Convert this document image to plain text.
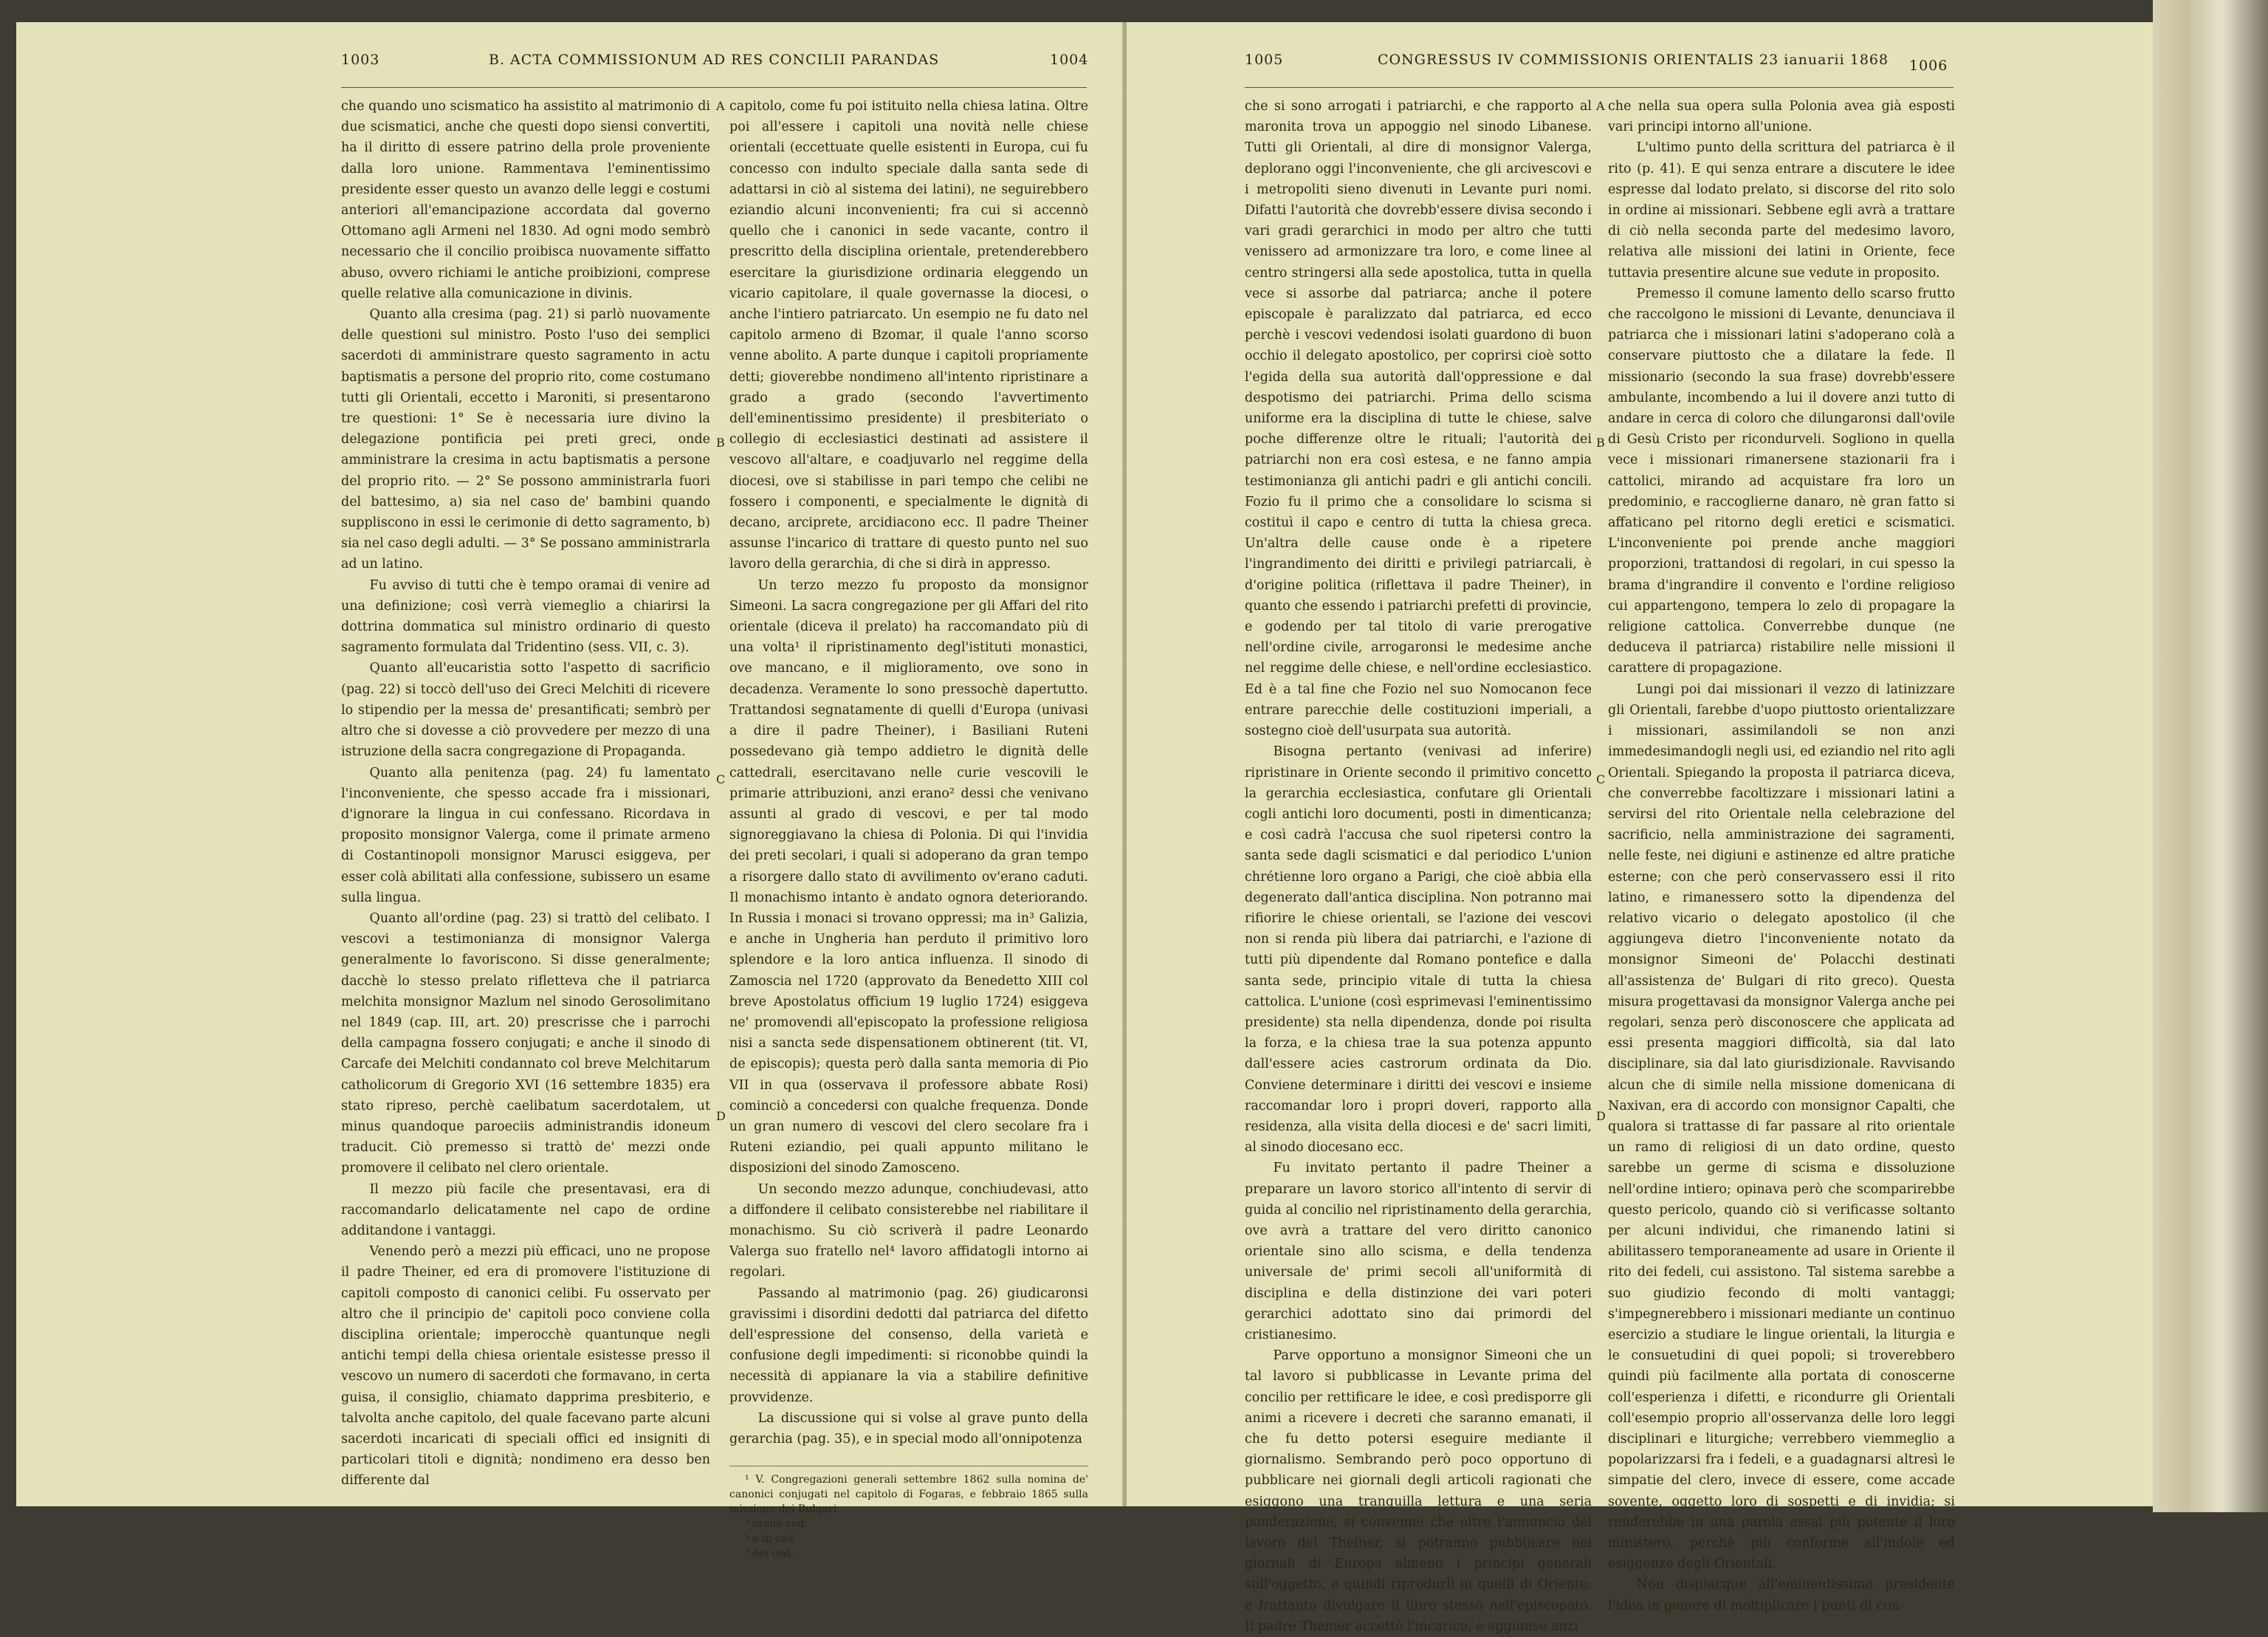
1003	B. ACTA COMMISSIONUM AD RES CONCILII PARANDAS	1004

che quando uno scismatico ha assistito al matrimonio di due scismatici, anche che questi dopo siensi convertiti, ha il diritto di essere patrino della prole proveniente dalla loro unione. Rammentava l'eminentissimo presidente esser questo un avanzo delle leggi e costumi anteriori all'emancipazione accordata dal governo Ottomano agli Armeni nel 1830. Ad ogni modo sembrò necessario che il concilio proibisca nuovamente siffatto abuso, ovvero richiami le antiche proibizioni, comprese quelle relative alla comunicazione in divinis.

Quanto alla cresima (pag. 21) si parlò nuovamente delle questioni sul ministro. Posto l'uso dei semplici sacerdoti di amministrare questo sagramento in actu baptismatis a persone del proprio rito, come costumano tutti gli Orientali, eccetto i Maroniti, si presentarono tre questioni: 1° Se è necessaria iure divino la delegazione pontificia pei preti greci, onde amministrare la cresima in actu baptismatis a persone del proprio rito. — 2° Se possono amministrarla fuori del battesimo, a) sia nel caso de' bambini quando suppliscono in essi le cerimonie di detto sagramento, b) sia nel caso degli adulti. — 3° Se possano amministrarla ad un latino.

Fu avviso di tutti che è tempo oramai di venire ad una definizione; così verrà viemeglio a chiarirsi la dottrina dommatica sul ministro ordinario di questo sagramento formulata dal Tridentino (sess. VII, c. 3).

Quanto all'eucaristia sotto l'aspetto di sacrificio (pag. 22) si toccò dell'uso dei Greci Melchiti di ricevere lo stipendio per la messa de' presantificati; sembrò per altro che si dovesse a ciò provvedere per mezzo di una istruzione della sacra congregazione di Propaganda.

Quanto alla penitenza (pag. 24) fu lamentato l'inconveniente, che spesso accade fra i missionari, d'ignorare la lingua in cui confessano. Ricordava in proposito monsignor Valerga, come il primate armeno di Costantinopoli monsignor Marusci esiggeva, per esser colà abilitati alla confessione, subissero un esame sulla lingua.

Quanto all'ordine (pag. 23) si trattò del celibato. I vescovi a testimonianza di monsignor Valerga generalmente lo favoriscono. Si disse generalmente; dacchè lo stesso prelato rifletteva che il patriarca melchita monsignor Mazlum nel sinodo Gerosolimitano nel 1849 (cap. III, art. 20) prescrisse che i parrochi della campagna fossero conjugati; e anche il sinodo di Carcafe dei Melchiti condannato col breve Melchitarum catholicorum di Gregorio XVI (16 settembre 1835) era stato ripreso, perchè caelibatum sacerdotalem, ut minus quandoque paroeciis administrandis idoneum traducit. Ciò premesso si trattò de' mezzi onde promovere il celibato nel clero orientale.

Il mezzo più facile che presentavasi, era di raccomandarlo delicatamente nel capo de ordine additandone i vantaggi.

Venendo però a mezzi più efficaci, uno ne propose il padre Theiner, ed era di promovere l'istituzione di capitoli composto di canonici celibi. Fu osservato per altro che il principio de' capitoli poco conviene colla disciplina orientale; imperocchè quantunque negli antichi tempi della chiesa orientale esistesse presso il vescovo un numero di sacerdoti che formavano, in certa guisa, il consiglio, chiamato dapprima presbiterio, e talvolta anche capitolo, del quale facevano parte alcuni sacerdoti incaricati di speciali offici ed insigniti di particolari titoli e dignità; nondimeno era desso ben differente dal

A
B
C
D

capitolo, come fu poi istituito nella chiesa latina. Oltre poi all'essere i capitoli una novità nelle chiese orientali (eccettuate quelle esistenti in Europa, cui fu concesso con indulto speciale dalla santa sede di adattarsi in ciò al sistema dei latini), ne seguirebbero eziandio alcuni inconvenienti; fra cui si accennò quello che i canonici in sede vacante, contro il prescritto della disciplina orientale, pretenderebbero esercitare la giurisdizione ordinaria eleggendo un vicario capitolare, il quale governasse la diocesi, o anche l'intiero patriarcato. Un esempio ne fu dato nel capitolo armeno di Bzomar, il quale l'anno scorso venne abolito. A parte dunque i capitoli propriamente detti; gioverebbe nondimeno all'intento ripristinare a grado a grado (secondo l'avvertimento dell'eminentissimo presidente) il presbiteriato o collegio di ecclesiastici destinati ad assistere il vescovo all'altare, e coadjuvarlo nel reggime della diocesi, ove si stabilisse in pari tempo che celibi ne fossero i componenti, e specialmente le dignità di decano, arciprete, arcidiacono ecc. Il padre Theiner assunse l'incarico di trattare di questo punto nel suo lavoro della gerarchia, di che si dirà in appresso.

Un terzo mezzo fu proposto da monsignor Simeoni. La sacra congregazione per gli Affari del rito orientale (diceva il prelato) ha raccomandato più di una volta¹ il ripristinamento degl'istituti monastici, ove mancano, e il miglioramento, ove sono in decadenza. Veramente lo sono pressochè dapertutto. Trattandosi segnatamente di quelli d'Europa (univasi a dire il padre Theiner), i Basiliani Ruteni possedevano già tempo addietro le dignità delle cattedrali, esercitavano nelle curie vescovili le primarie attribuzioni, anzi erano² dessi che venivano assunti al grado di vescovi, e per tal modo signoreggiavano la chiesa di Polonia. Di qui l'invidia dei preti secolari, i quali si adoperano da gran tempo a risorgere dallo stato di avvilimento ov'erano caduti. Il monachismo intanto è andato ognora deteriorando. In Russia i monaci si trovano oppressi; ma in³ Galizia, e anche in Ungheria han perduto il primitivo loro splendore e la loro antica influenza. Il sinodo di Zamoscia nel 1720 (approvato da Benedetto XIII col breve Apostolatus officium 19 luglio 1724) esiggeva ne' promovendi all'episcopato la professione religiosa nisi a sancta sede dispensationem obtinerent (tit. VI, de episcopis); questa però dalla santa memoria di Pio VII in qua (osservava il professore abbate Rosi) cominciò a concedersi con qualche frequenza. Donde un gran numero di vescovi del clero secolare fra i Ruteni eziandio, pei quali appunto militano le disposizioni del sinodo Zamosceno.

Un secondo mezzo adunque, conchiudevasi, atto a diffondere il celibato consisterebbe nel riabilitare il monachismo. Su ciò scriverà il padre Leonardo Valerga suo fratello nel⁴ lavoro affidatogli intorno ai regolari.

Passando al matrimonio (pag. 26) giudicaronsi gravissimi i disordini dedotti dal patriarca del difetto dell'espressione del consenso, della varietà e confusione degli impedimenti: si riconobbe quindi la necessità di appianare la via a stabilire definitive provvidenze.

La discussione qui si volse al grave punto della gerarchia (pag. 35), e in special modo all'onnipotenza

¹ V. Congregazioni generali settembre 1862 sulla nomina de' canonici conjugati nel capitolo di Fogaras, e febbraio 1865 sulla missione dei Bulgari.

² erano cod.

³ e in cod.

⁴ del cod.

1005	CONGRESSUS IV COMMISSIONIS ORIENTALIS 23 ianuarii 1868 1006

che si sono arrogati i patriarchi, e che rapporto al maronita trova un appoggio nel sinodo Libanese. Tutti gli Orientali, al dire di monsignor Valerga, deplorano oggi l'inconveniente, che gli arcivescovi e i metropoliti sieno divenuti in Levante puri nomi. Difatti l'autorità che dovrebb'essere divisa secondo i vari gradi gerarchici in modo per altro che tutti venissero ad armonizzare tra loro, e come linee al centro stringersi alla sede apostolica, tutta in quella vece si assorbe dal patriarca; anche il potere episcopale è paralizzato dal patriarca, ed ecco perchè i vescovi vedendosi isolati guardono di buon occhio il delegato apostolico, per coprirsi cioè sotto l'egida della sua autorità dall'oppressione e dal despotismo dei patriarchi. Prima dello scisma uniforme era la disciplina di tutte le chiese, salve poche differenze oltre le rituali; l'autorità dei patriarchi non era così estesa, e ne fanno ampia testimonianza gli antichi padri e gli antichi concili. Fozio fu il primo che a consolidare lo scisma si costituì il capo e centro di tutta la chiesa greca. Un'altra delle cause onde è a ripetere l'ingrandimento dei diritti e privilegi patriarcali, è d'origine politica (riflettava il padre Theiner), in quanto che essendo i patriarchi prefetti di provincie, e godendo per tal titolo di varie prerogative nell'ordine civile, arrogaronsi le medesime anche nel reggime delle chiese, e nell'ordine ecclesiastico. Ed è a tal fine che Fozio nel suo Nomocanon fece entrare parecchie delle costituzioni imperiali, a sostegno cioè dell'usurpata sua autorità.

Bisogna pertanto (venivasi ad inferire) ripristinare in Oriente secondo il primitivo concetto la gerarchia ecclesiastica, confutare gli Orientali cogli antichi loro documenti, posti in dimenticanza; e così cadrà l'accusa che suol ripetersi contro la santa sede dagli scismatici e dal periodico L'union chrétienne loro organo a Parigi, che cioè abbia ella degenerato dall'antica disciplina. Non potranno mai rifiorire le chiese orientali, se l'azione dei vescovi non si renda più libera dai patriarchi, e l'azione di tutti più dipendente dal Romano pontefice e dalla santa sede, principio vitale di tutta la chiesa cattolica. L'unione (così esprimevasi l'eminentissimo presidente) sta nella dipendenza, donde poi risulta la forza, e la chiesa trae la sua potenza appunto dall'essere acies castrorum ordinata da Dio. Conviene determinare i diritti dei vescovi e insieme raccomandar loro i propri doveri, rapporto alla residenza, alla visita della diocesi e de' sacri limiti, al sinodo diocesano ecc.

Fu invitato pertanto il padre Theiner a preparare un lavoro storico all'intento di servir di guida al concilio nel ripristinamento della gerarchia, ove avrà a trattare del vero diritto canonico orientale sino allo scisma, e della tendenza universale de' primi secoli all'uniformità di disciplina e della distinzione dei vari poteri gerarchici adottato sino dai primordi del cristianesimo.

Parve opportuno a monsignor Simeoni che un tal lavoro si pubblicasse in Levante prima del concilio per rettificare le idee, e così predisporre gli animi a ricevere i decreti che saranno emanati, il che fu detto potersi eseguire mediante il giornalismo. Sembrando però poco opportuno di pubblicare nei giornali degli articoli ragionati che esiggono una tranquilla lettura e una seria ponderazione, si convenne che oltre l'annuncio del lavoro del Theiner, si potranno pubblicare nei giornali di Europa almeno i principi generali sull'oggetto, e quindi riprodurli in quelli di Oriente; e frattanto divulgare il libro stesso nell'episcopato. Il padre Theiner accettò l'incarico, e aggiunse anzi

A
B
C
D

che nella sua opera sulla Polonia avea già esposti vari principi intorno all'unione.

L'ultimo punto della scrittura del patriarca è il rito (p. 41). E qui senza entrare a discutere le idee espresse dal lodato prelato, si discorse del rito solo in ordine ai missionari. Sebbene egli avrà a trattare di ciò nella seconda parte del medesimo lavoro, relativa alle missioni dei latini in Oriente, fece tuttavia presentire alcune sue vedute in proposito.

Premesso il comune lamento dello scarso frutto che raccolgono le missioni di Levante, denunciava il patriarca che i missionari latini s'adoperano colà a conservare piuttosto che a dilatare la fede. Il missionario (secondo la sua frase) dovrebb'essere ambulante, incombendo a lui il dovere anzi tutto di andare in cerca di coloro che dilungaronsi dall'ovile di Gesù Cristo per ricondurveli. Sogliono in quella vece i missionari rimanersene stazionarii fra i cattolici, mirando ad acquistare fra loro un predominio, e raccoglierne danaro, nè gran fatto si affaticano pel ritorno degli eretici e scismatici. L'inconveniente poi prende anche maggiori proporzioni, trattandosi di regolari, in cui spesso la brama d'ingrandire il convento e l'ordine religioso cui appartengono, tempera lo zelo di propagare la religione cattolica. Converrebbe dunque (ne deduceva il patriarca) ristabilire nelle missioni il carattere di propagazione.

Lungi poi dai missionari il vezzo di latinizzare gli Orientali, farebbe d'uopo piuttosto orientalizzare i missionari, assimilandoli se non anzi immedesimandogli negli usi, ed eziandio nel rito agli Orientali. Spiegando la proposta il patriarca diceva, che converrebbe facoltizzare i missionari latini a servirsi del rito Orientale nella celebrazione del sacrificio, nella amministrazione dei sagramenti, nelle feste, nei digiuni e astinenze ed altre pratiche esterne; con che però conservassero essi il rito latino, e rimanessero sotto la dipendenza del relativo vicario o delegato apostolico (il che aggiungeva dietro l'inconveniente notato da monsignor Simeoni de' Polacchi destinati all'assistenza de' Bulgari di rito greco). Questa misura progettavasi da monsignor Valerga anche pei regolari, senza però disconoscere che applicata ad essi presenta maggiori difficoltà, sia dal lato disciplinare, sia dal lato giurisdizionale. Ravvisando alcun che di simile nella missione domenicana di Naxivan, era di accordo con monsignor Capalti, che qualora si trattasse di far passare al rito orientale un ramo di religiosi di un dato ordine, questo sarebbe un germe di scisma e dissoluzione nell'ordine intiero; opinava però che scomparirebbe questo pericolo, quando ciò si verificasse soltanto per alcuni individui, che rimanendo latini si abilitassero temporaneamente ad usare in Oriente il rito dei fedeli, cui assistono. Tal sistema sarebbe a suo giudizio fecondo di molti vantaggi; s'impegnerebbero i missionari mediante un continuo esercizio a studiare le lingue orientali, la liturgia e le consuetudini di quei popoli; si troverebbero quindi più facilmente alla portata di conoscerne coll'esperienza i difetti, e ricondurre gli Orientali coll'esempio proprio all'osservanza delle loro leggi disciplinari e liturgiche; verrebbero viemmeglio a popolarizzarsi fra i fedeli, e a guadagnarsi altresì le simpatie del clero, invece di essere, come accade sovente, oggetto loro di sospetti e di invidia; si renderebbe in una parola assai più potente il loro ministero, perchè più conforme all'indole ed esiggenze degli Orientali.

Non dispiacque all'eminentissimo presidente l'idea in genere di moltiplicare i punti di con-
